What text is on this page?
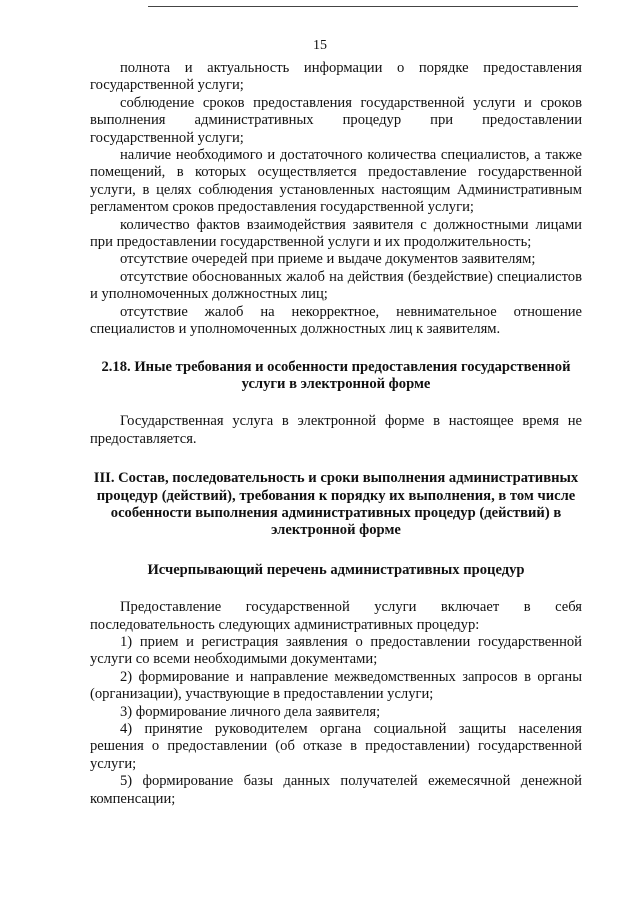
15

полнота и актуальность информации о порядке предоставления государственной услуги;

соблюдение сроков предоставления государственной услуги и сроков выполнения административных процедур при предоставлении государственной услуги;

наличие необходимого и достаточного количества специалистов, а также помещений, в которых осуществляется предоставление государственной услуги, в целях соблюдения установленных настоящим Административным регламентом сроков предоставления государственной услуги;

количество фактов взаимодействия заявителя с должностными лицами при предоставлении государственной услуги и их продолжительность;

отсутствие очередей при приеме и выдаче документов заявителям;

отсутствие обоснованных жалоб на действия (бездействие) специалистов и уполномоченных должностных лиц;

отсутствие жалоб на некорректное, невнимательное отношение специалистов и уполномоченных должностных лиц к заявителям.

2.18. Иные требования и особенности предоставления государственной услуги в электронной форме

Государственная услуга в электронной форме в настоящее время не предоставляется.

III. Состав, последовательность и сроки выполнения административных процедур (действий), требования к порядку их выполнения, в том числе особенности выполнения административных процедур (действий) в электронной форме

Исчерпывающий перечень административных процедур

Предоставление государственной услуги включает в себя последовательность следующих административных процедур:

1) прием и регистрация заявления о предоставлении государственной услуги со всеми необходимыми документами;

2) формирование и направление межведомственных запросов в органы (организации), участвующие в предоставлении услуги;

3) формирование личного дела заявителя;

4) принятие руководителем органа социальной защиты населения решения о предоставлении (об отказе в предоставлении) государственной услуги;

5) формирование базы данных получателей ежемесячной денежной компенсации;
